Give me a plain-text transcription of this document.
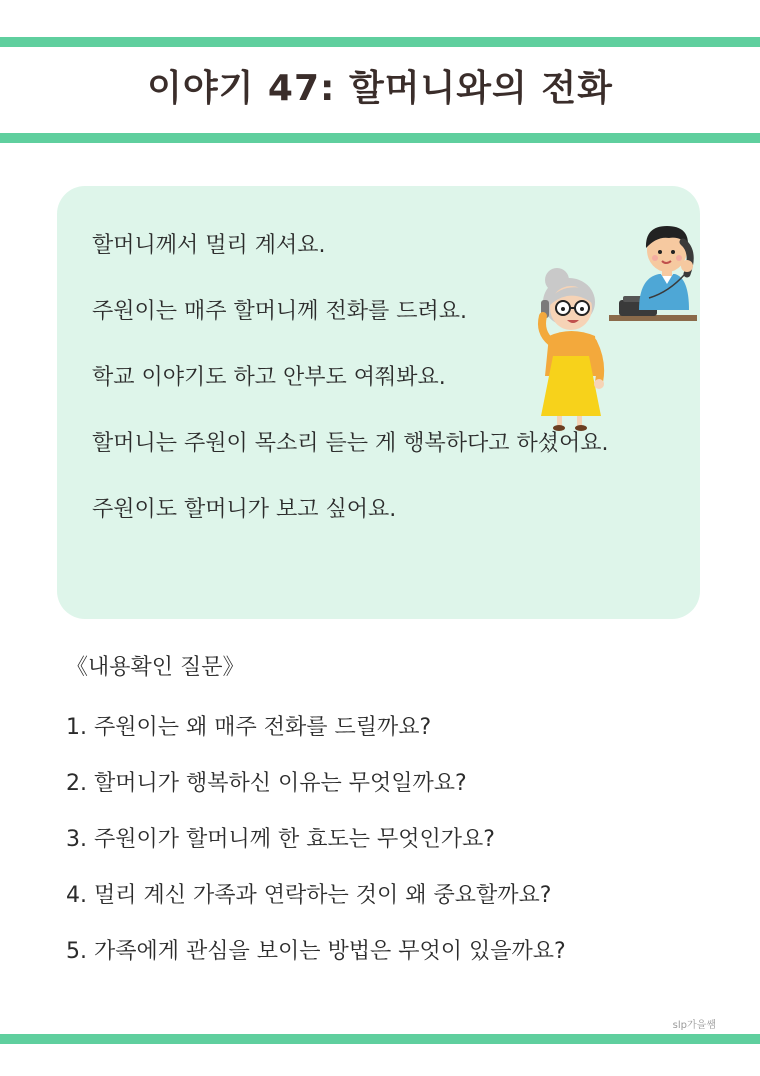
이야기 47: 할머니와의 전화
할머니께서 멀리 계셔요.
주원이는 매주 할머니께 전화를 드려요.
학교 이야기도 하고 안부도 여쭤봐요.
할머니는 주원이 목소리 듣는 게 행복하다고 하셨어요.
주원이도 할머니가 보고 싶어요.
《내용확인 질문》
1. 주원이는 왜 매주 전화를 드릴까요?
2. 할머니가 행복하신 이유는 무엇일까요?
3. 주원이가 할머니께 한 효도는 무엇인가요?
4. 멀리 계신 가족과 연락하는 것이 왜 중요할까요?
5. 가족에게 관심을 보이는 방법은 무엇이 있을까요?
slp가을쌤
